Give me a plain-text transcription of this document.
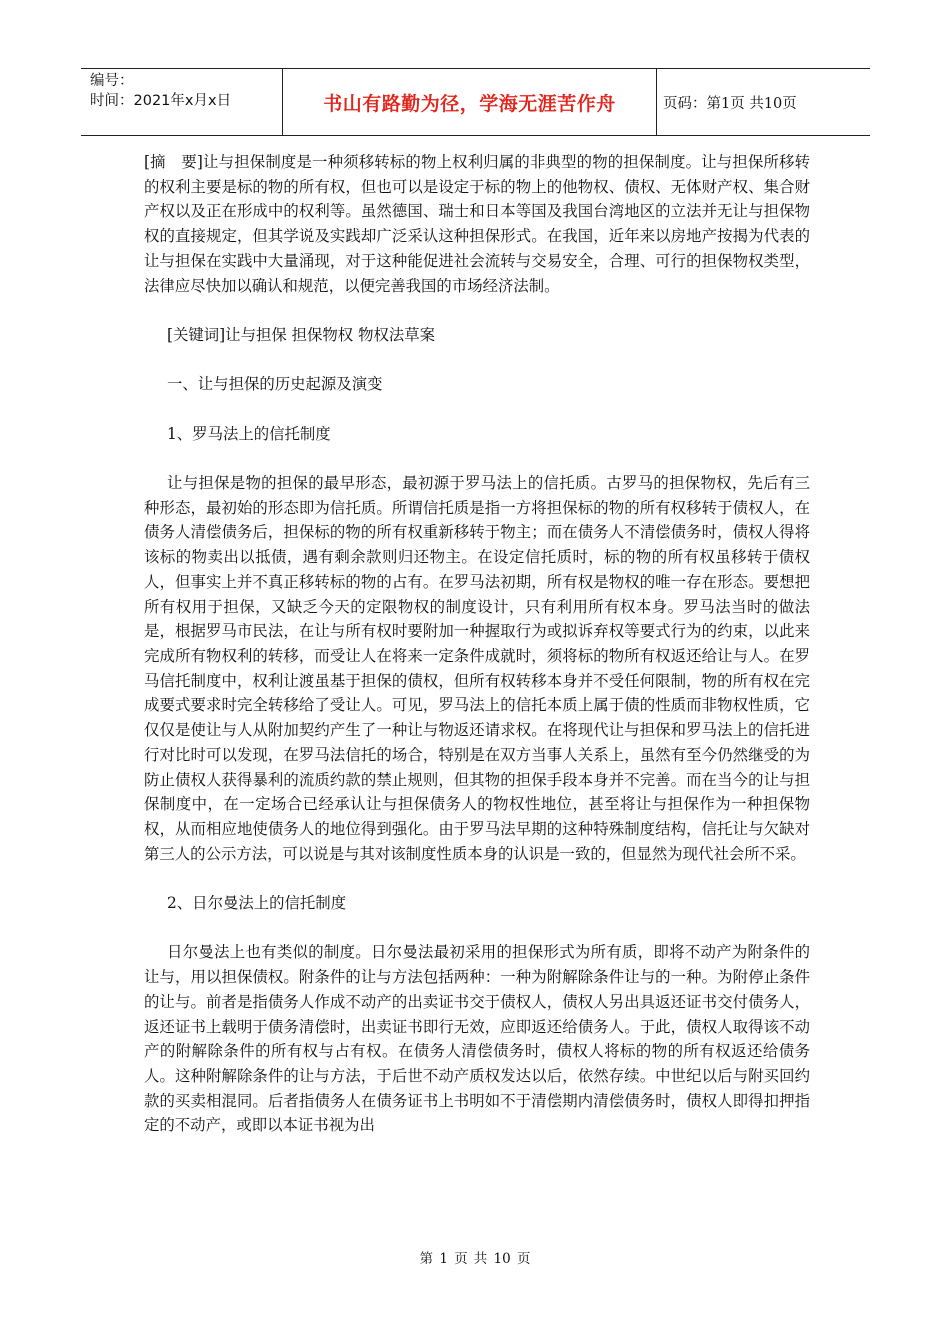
编号：
时间：2021年x月x日	书山有路勤为径，学海无涯苦作舟	页码：第1页 共10页

[摘　要]让与担保制度是一种须移转标的物上权利归属的非典型的物的担保制度。让与担保所移转的权利主要是标的物的所有权，但也可以是设定于标的物上的他物权、债权、无体财产权、集合财产权以及正在形成中的权利等。虽然德国、瑞士和日本等国及我国台湾地区的立法并无让与担保物权的直接规定，但其学说及实践却广泛采认这种担保形式。在我国，近年来以房地产按揭为代表的让与担保在实践中大量涌现，对于这种能促进社会流转与交易安全，合理、可行的担保物权类型，法律应尽快加以确认和规范，以便完善我国的市场经济法制。

[关键词]让与担保 担保物权 物权法草案

一、让与担保的历史起源及演变

1、罗马法上的信托制度

让与担保是物的担保的最早形态，最初源于罗马法上的信托质。古罗马的担保物权，先后有三种形态，最初始的形态即为信托质。所谓信托质是指一方将担保标的物的所有权移转于债权人，在债务人清偿债务后，担保标的物的所有权重新移转于物主；而在债务人不清偿债务时，债权人得将该标的物卖出以抵债，遇有剩余款则归还物主。在设定信托质时，标的物的所有权虽移转于债权人，但事实上并不真正移转标的物的占有。在罗马法初期，所有权是物权的唯一存在形态。要想把所有权用于担保，又缺乏今天的定限物权的制度设计，只有利用所有权本身。罗马法当时的做法是，根据罗马市民法，在让与所有权时要附加一种握取行为或拟诉弃权等要式行为的约束，以此来完成所有物权利的转移，而受让人在将来一定条件成就时，须将标的物所有权返还给让与人。在罗马信托制度中，权利让渡虽基于担保的债权，但所有权转移本身并不受任何限制，物的所有权在完成要式要求时完全转移给了受让人。可见，罗马法上的信托本质上属于债的性质而非物权性质，它仅仅是使让与人从附加契约产生了一种让与物返还请求权。在将现代让与担保和罗马法上的信托进行对比时可以发现，在罗马法信托的场合，特别是在双方当事人关系上，虽然有至今仍然继受的为防止债权人获得暴利的流质约款的禁止规则，但其物的担保手段本身并不完善。而在当今的让与担保制度中，在一定场合已经承认让与担保债务人的物权性地位，甚至将让与担保作为一种担保物权，从而相应地使债务人的地位得到强化。由于罗马法早期的这种特殊制度结构，信托让与欠缺对第三人的公示方法，可以说是与其对该制度性质本身的认识是一致的，但显然为现代社会所不采。

2、日尔曼法上的信托制度

日尔曼法上也有类似的制度。日尔曼法最初采用的担保形式为所有质，即将不动产为附条件的让与，用以担保债权。附条件的让与方法包括两种：一种为附解除条件让与的一种。为附停止条件的让与。前者是指债务人作成不动产的出卖证书交于债权人，债权人另出具返还证书交付债务人，返还证书上载明于债务清偿时，出卖证书即行无效，应即返还给债务人。于此，债权人取得该不动产的附解除条件的所有权与占有权。在债务人清偿债务时，债权人将标的物的所有权返还给债务人。这种附解除条件的让与方法，于后世不动产质权发达以后，依然存续。中世纪以后与附买回约款的买卖相混同。后者指债务人在债务证书上书明如不于清偿期内清偿债务时，债权人即得扣押指定的不动产，或即以本证书视为出

第 1 页 共 10 页
